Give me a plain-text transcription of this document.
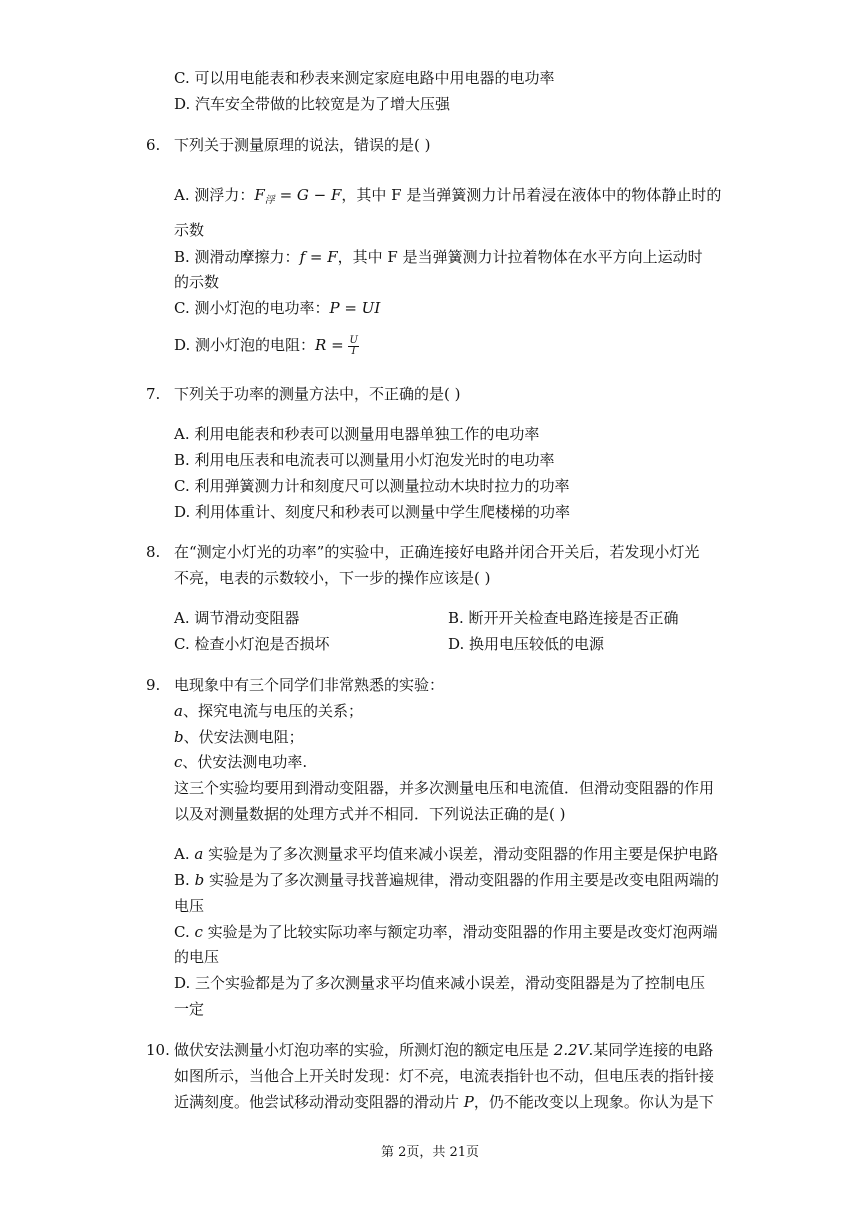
C. 可以用电能表和秒表来测定家庭电路中用电器的电功率
D. 汽车安全带做的比较宽是为了增大压强
6. 下列关于测量原理的说法，错误的是( )
A. 测浮力：$F_浮 = G - F$，其中 F 是当弹簧测力计吊着浸在液体中的物体静止时的
示数
B. 测滑动摩擦力：f = F，其中 F 是当弹簧测力计拉着物体在水平方向上运动时
的示数
C. 测小灯泡的电功率：P = UI
D. 测小灯泡的电阻：$R = \frac{U}{I}$
7. 下列关于功率的测量方法中，不正确的是( )
A. 利用电能表和秒表可以测量用电器单独工作的电功率
B. 利用电压表和电流表可以测量用小灯泡发光时的电功率
C. 利用弹簧测力计和刻度尺可以测量拉动木块时拉力的功率
D. 利用体重计、刻度尺和秒表可以测量中学生爬楼梯的功率
8. 在“测定小灯光的功率”的实验中，正确连接好电路并闭合开关后，若发现小灯光
不亮，电表的示数较小，下一步的操作应该是( )
A. 调节滑动变阻器	B. 断开开关检查电路连接是否正确
C. 检查小灯泡是否损坏	D. 换用电压较低的电源
9. 电现象中有三个同学们非常熟悉的实验：
a、探究电流与电压的关系；
b、伏安法测电阻；
c、伏安法测电功率.
这三个实验均要用到滑动变阻器，并多次测量电压和电流值．但滑动变阻器的作用
以及对测量数据的处理方式并不相同．下列说法正确的是( )
A. a 实验是为了多次测量求平均值来减小误差，滑动变阻器的作用主要是保护电路
B. b 实验是为了多次测量寻找普遍规律，滑动变阻器的作用主要是改变电阻两端的
电压
C. c 实验是为了比较实际功率与额定功率，滑动变阻器的作用主要是改变灯泡两端
的电压
D. 三个实验都是为了多次测量求平均值来减小误差，滑动变阻器是为了控制电压
一定
10. 做伏安法测量小灯泡功率的实验，所测灯泡的额定电压是 2.2V.某同学连接的电路
如图所示，当他合上开关时发现：灯不亮，电流表指针也不动，但电压表的指针接
近满刻度。他尝试移动滑动变阻器的滑动片 P，仍不能改变以上现象。你认为是下
第 2页，共 21页
